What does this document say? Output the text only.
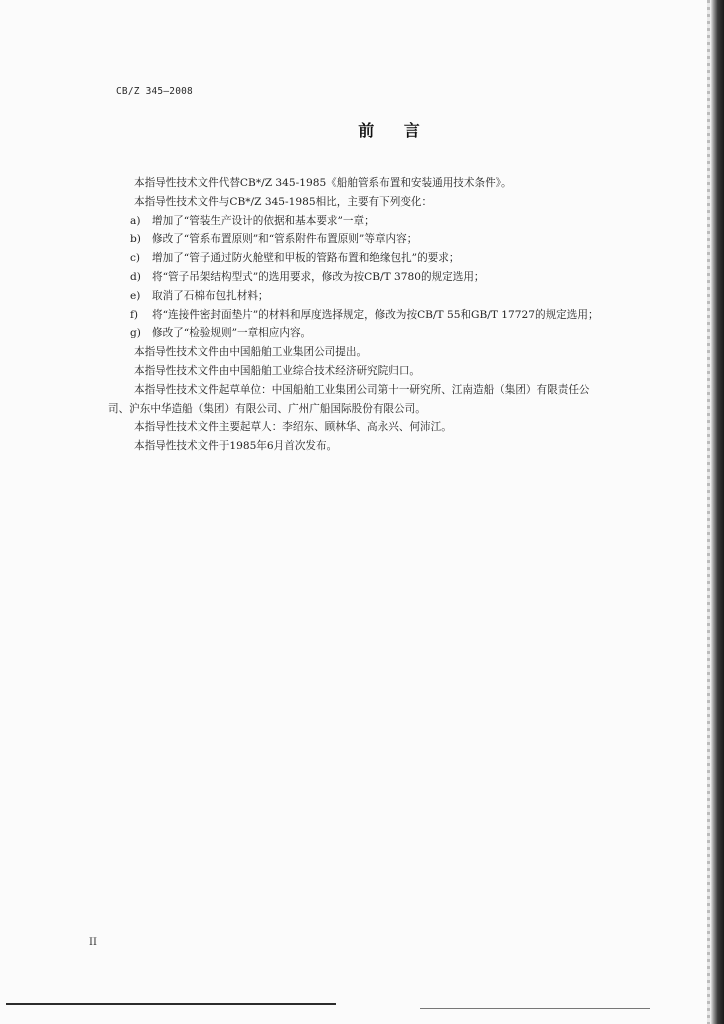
CB/Z 345—2008
前 言

本指导性技术文件代替CB*/Z 345-1985《船舶管系布置和安装通用技术条件》。

本指导性技术文件与CB*/Z 345-1985相比，主要有下列变化：

a) 增加了“管装生产设计的依据和基本要求”一章；

b) 修改了“管系布置原则”和“管系附件布置原则”等章内容；

c) 增加了“管子通过防火舱壁和甲板的管路布置和绝缘包扎”的要求；

d) 将“管子吊架结构型式”的选用要求，修改为按CB/T 3780的规定选用；

e) 取消了石棉布包扎材料；

f) 将“连接件密封面垫片”的材料和厚度选择规定，修改为按CB/T 55和GB/T 17727的规定选用；

g) 修改了“检验规则”一章相应内容。

本指导性技术文件由中国船舶工业集团公司提出。

本指导性技术文件由中国船舶工业综合技术经济研究院归口。

本指导性技术文件起草单位：中国船舶工业集团公司第十一研究所、江南造船（集团）有限责任公

司、沪东中华造船（集团）有限公司、广州广船国际股份有限公司。

本指导性技术文件主要起草人：李绍东、顾林华、高永兴、何沛江。

本指导性技术文件于1985年6月首次发布。

II
